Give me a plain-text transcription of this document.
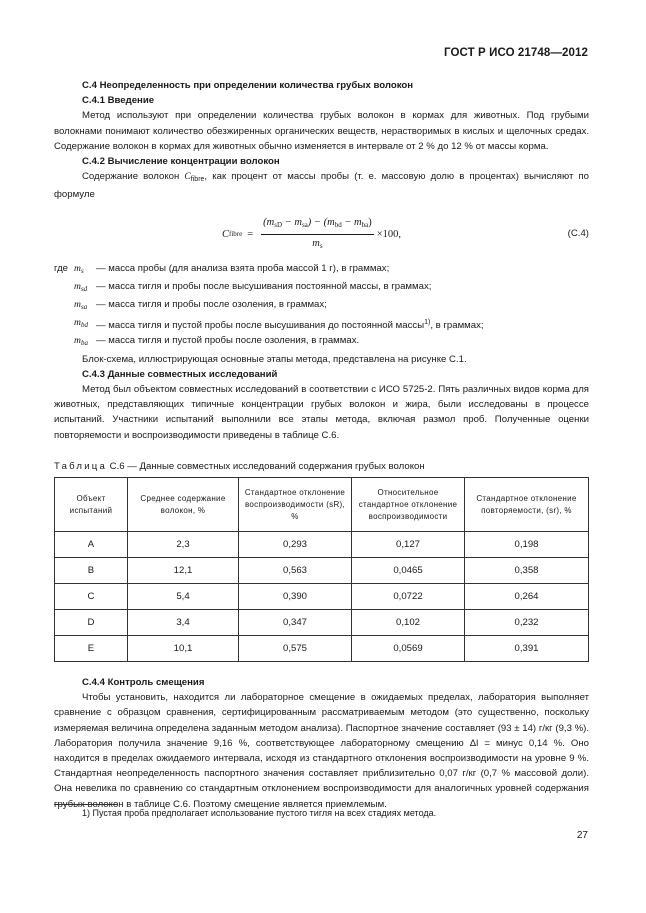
ГОСТ Р ИСО 21748—2012

С.4 Неопределенность при определении количества грубых волокон

С.4.1 Введение

Метод используют при определении количества грубых волокон в кормах для животных. Под грубыми волокнами понимают количество обезжиренных органических веществ, нерастворимых в кислых и щелочных средах. Содержание волокон в кормах для животных обычно изменяется в интервале от 2 % до 12 % от массы корма.

С.4.2 Вычисление концентрации волокон

Содержание волокон $C_{fibre}$, как процент от массы пробы (т. е. массовую долю в процентах) вычисляют по формуле

C fibre = $\frac{(m_{sD} - m_{sa}) - (m_{bd} - m_{ba})}{m_s} \times 100$,	(С.4)
где $m_s$	— масса пробы (для анализа взята проба массой 1 г), в граммах;
$m_{sd}$ — масса тигля и пробы после высушивания постоянной массы, в граммах;
$m_{sa}$ — масса тигля и пробы после озоления, в граммах;
$m_{bd}$ — масса тигля и пустой пробы после высушивания до постоянной массы$^{1)}$, в граммах;
$m_{ba}$ — масса тигля и пустой пробы после озоления, в граммах.

Блок-схема, иллюстрирующая основные этапы метода, представлена на рисунке С.1.

С.4.3 Данные совместных исследований

Метод был объектом совместных исследований в соответствии с ИСО 5725-2. Пять различных видов корма для животных, представляющих типичные концентрации грубых волокон и жира, были исследованы в процессе испытаний. Участники испытаний выполнили все этапы метода, включая размол проб. Полученные оценки повторяемости и воспроизводимости приведены в таблице С.6.

Таблица С.6 — Данные совместных исследований содержания грубых волокон
Объект испытаний	Среднее содержание волокон, %	Стандартное отклонение воспроизводимости (sR), %	Относительное стандартное отклонение воспроизводимости	Стандартное отклонение повторяемости, (sr), %
A	2,3	0,293	0,127	0,198
B	12,1	0,563	0,0465	0,358
C	5,4	0,390	0,0722	0,264
D	3,4	0,347	0,102	0,232
E	10,1	0,575	0,0569	0,391

С.4.4 Контроль смещения

Чтобы установить, находится ли лабораторное смещение в ожидаемых пределах, лаборатория выполняет сравнение с образцом сравнения, сертифицированным рассматриваемым методом (это существенно, поскольку измеряемая величина определена заданным методом анализа). Паспортное значение составляет (93 ± 14) г/кг (9,3 %). Лаборатория получила значение 9,16 %, соответствующее лабораторному смещению Δl = минус 0,14 %. Оно находится в пределах ожидаемого интервала, исходя из стандартного отклонения воспроизводимости на уровне 9 %. Стандартная неопределенность паспортного значения составляет приблизительно 0,07 г/кг (0,7 % массовой доли). Она невелика по сравнению со стандартным отклонением воспроизводимости для аналогичных уровней содержания грубых волокон в таблице С.6. Поэтому смещение является приемлемым.

1) Пустая проба предполагает использование пустого тигля на всех стадиях метода.
27
